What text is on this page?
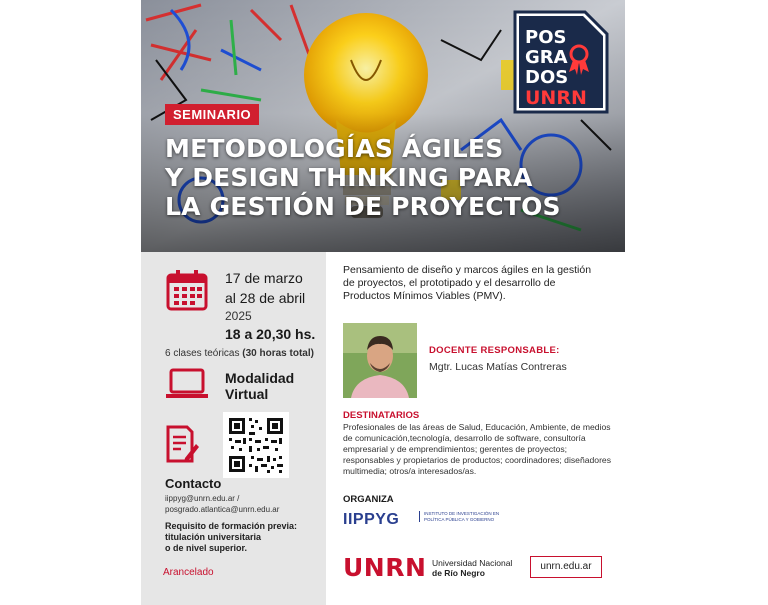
POS
GRA
DOS
UNRN
SEMINARIO
METODOLOGÍAS ÁGILES
Y DESIGN THINKING PARA
LA GESTIÓN DE PROYECTOS
17 de marzo
al 28 de abril
2025
18 a 20,30 hs.
6 clases teóricas (30 horas total)
Modalidad
Virtual
Contacto
iippyg@unrn.edu.ar /
posgrado.atlantica@unrn.edu.ar
Requisito de formación previa:
titulación universitaria
o de nivel superior.
Arancelado
Pensamiento de diseño y marcos ágiles en la gestión de proyectos, el prototipado y el desarrollo de Productos Mínimos Viables (PMV).
DOCENTE RESPONSABLE:
Mgtr. Lucas Matías Contreras
DESTINATARIOS
Profesionales de las áreas de Salud, Educación, Ambiente, de medios de comunicación,tecnología, desarrollo de software, consultoría empresarial y de emprendimientos; gerentes de proyectos; responsables y propietarios de productos; coordinadores; diseñadores multimedia; otros/a interesados/as.
ORGANIZA
IIPPYG	INSTITUTO DE INVESTIGACIÓN EN POLÍTICA PÚBLICA Y GOBIERNO
UNRN Universidad Nacional
de Río Negro
unrn.edu.ar
